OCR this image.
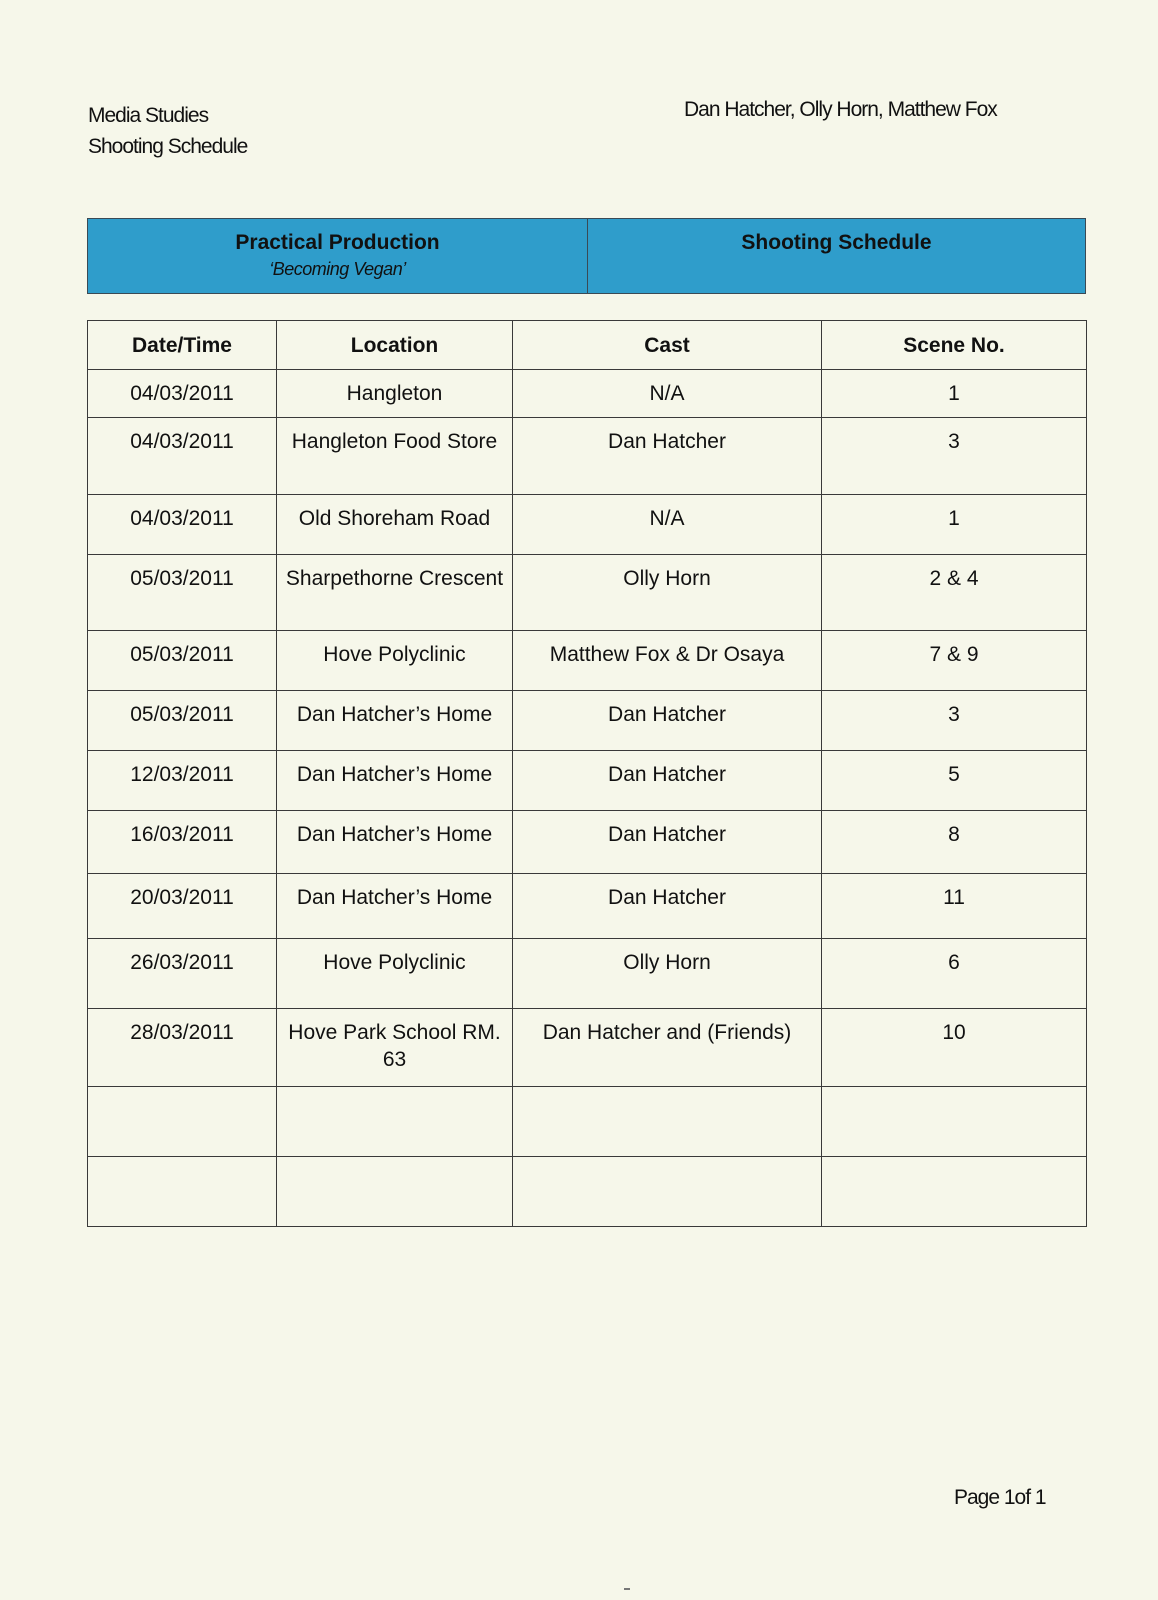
Media Studies
Shooting Schedule
Dan Hatcher, Olly Horn, Matthew Fox
Practical Production
‘Becoming Vegan’
Shooting Schedule
Date/Time	Location	Cast	Scene No.
04/03/2011	Hangleton	N/A	1
04/03/2011	Hangleton Food Store	Dan Hatcher	3
04/03/2011	Old Shoreham Road	N/A	1
05/03/2011	Sharpethorne Crescent	Olly Horn	2 & 4
05/03/2011	Hove Polyclinic	Matthew Fox & Dr Osaya	7 & 9
05/03/2011	Dan Hatcher’s Home	Dan Hatcher	3
12/03/2011	Dan Hatcher’s Home	Dan Hatcher	5
16/03/2011	Dan Hatcher’s Home	Dan Hatcher	8
20/03/2011	Dan Hatcher’s Home	Dan Hatcher	11
26/03/2011	Hove Polyclinic	Olly Horn	6
28/03/2011	Hove Park School RM. 63	Dan Hatcher and (Friends)	10

Page 1of 1
